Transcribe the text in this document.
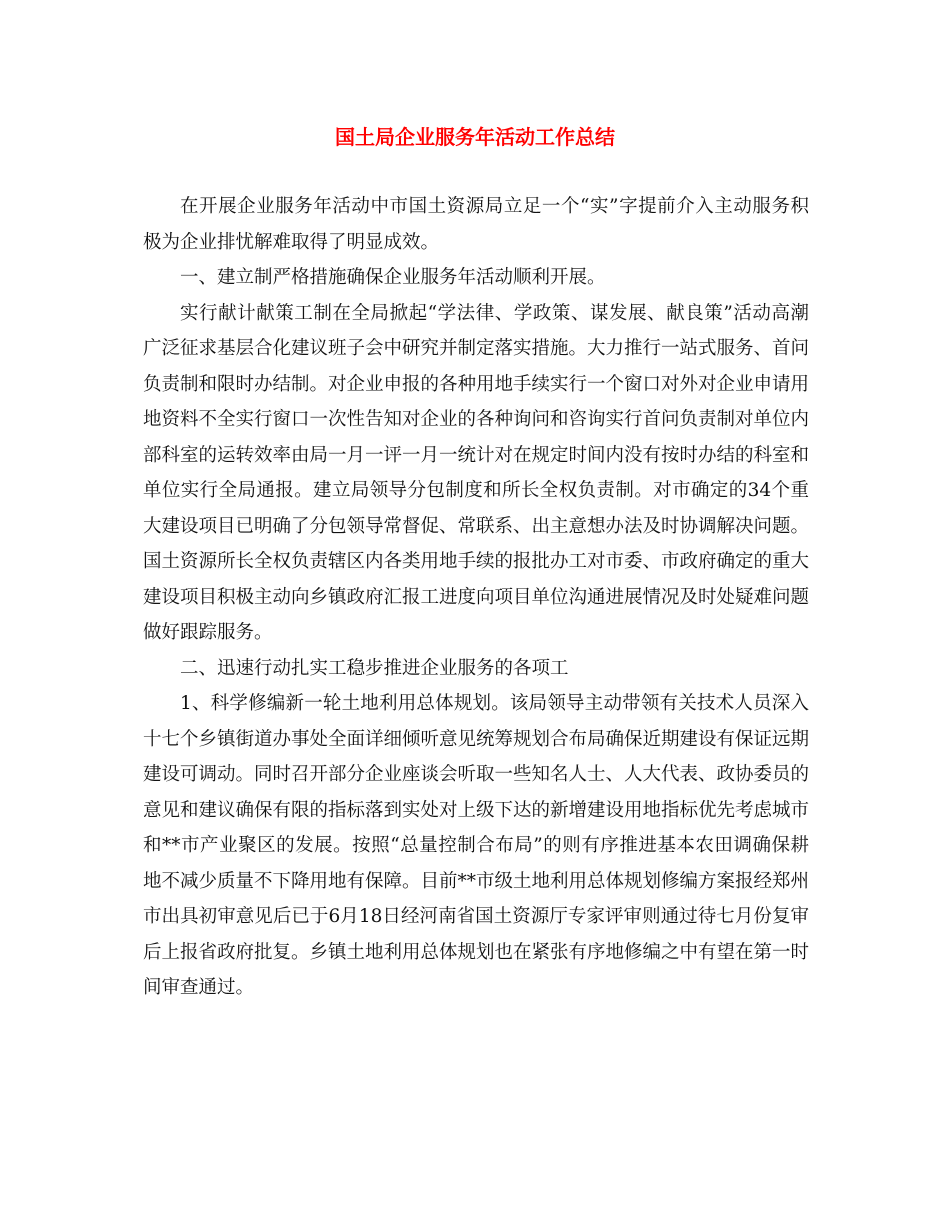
国土局企业服务年活动工作总结

在开展企业服务年活动中市国土资源局立足一个“实”字提前介入主动服务积极为企业排忧解难取得了明显成效。

一、建立制严格措施确保企业服务年活动顺利开展。

实行献计献策工制在全局掀起“学法律、学政策、谋发展、献良策”活动高潮广泛征求基层合化建议班子会中研究并制定落实措施。大力推行一站式服务、首问负责制和限时办结制。对企业申报的各种用地手续实行一个窗口对外对企业申请用地资料不全实行窗口一次性告知对企业的各种询问和咨询实行首问负责制对单位内部科室的运转效率由局一月一评一月一统计对在规定时间内没有按时办结的科室和单位实行全局通报。建立局领导分包制度和所长全权负责制。对市确定的34个重大建设项目已明确了分包领导常督促、常联系、出主意想办法及时协调解决问题。国土资源所长全权负责辖区内各类用地手续的报批办工对市委、市政府确定的重大建设项目积极主动向乡镇政府汇报工进度向项目单位沟通进展情况及时处疑难问题做好跟踪服务。

二、迅速行动扎实工稳步推进企业服务的各项工

1、科学修编新一轮土地利用总体规划。该局领导主动带领有关技术人员深入十七个乡镇街道办事处全面详细倾听意见统筹规划合布局确保近期建设有保证远期建设可调动。同时召开部分企业座谈会听取一些知名人士、人大代表、政协委员的意见和建议确保有限的指标落到实处对上级下达的新增建设用地指标优先考虑城市和**市产业聚区的发展。按照“总量控制合布局”的则有序推进基本农田调确保耕地不减少质量不下降用地有保障。目前**市级土地利用总体规划修编方案报经郑州市出具初审意见后已于6月18日经河南省国土资源厅专家评审则通过待七月份复审后上报省政府批复。乡镇土地利用总体规划也在紧张有序地修编之中有望在第一时间审查通过。
